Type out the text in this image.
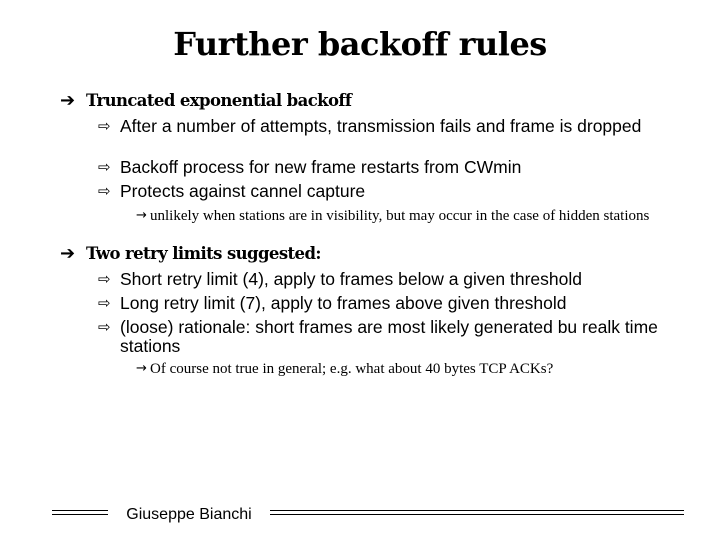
Further backoff rules
➔ Truncated exponential backoff
⇨ After a number of attempts, transmission fails and frame is dropped
⇨ Backoff process for new frame restarts from CWmin
⇨ Protects against cannel capture
→ unlikely when stations are in visibility, but may occur in the case of hidden stations
➔ Two retry limits suggested:
⇨ Short retry limit (4), apply to frames below a given threshold
⇨ Long retry limit (7), apply to frames above given threshold
⇨ (loose) rationale: short frames are most likely generated bu realk time stations
→ Of course not true in general; e.g. what about 40 bytes TCP ACKs?
Giuseppe Bianchi
